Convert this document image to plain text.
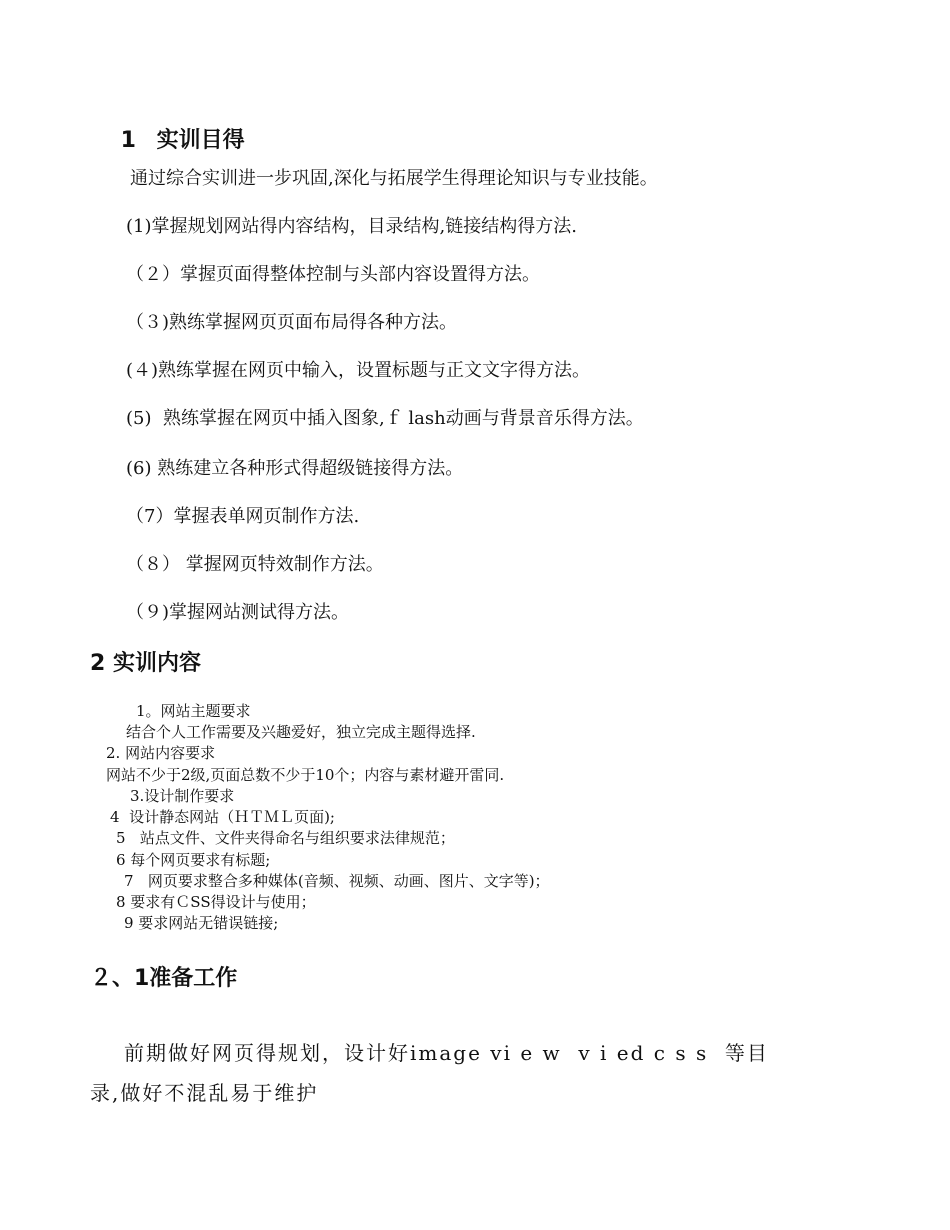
1 实训目得

通过综合实训进一步巩固,深化与拓展学生得理论知识与专业技能。
(1)掌握规划网站得内容结构，目录结构,链接结构得方法.
（２）掌握页面得整体控制与头部内容设置得方法。
（３)熟练掌握网页页面布局得各种方法。
(４)熟练掌握在网页中输入，设置标题与正文文字得方法。
(5)  熟练掌握在网页中插入图象,ｆ lash动画与背景音乐得方法。
(6) 熟练建立各种形式得超级链接得方法。
（7）掌握表单网页制作方法.
（８） 掌握网页特效制作方法。
（９)掌握网站测试得方法。
2 实训内容
1。网站主题要求
结合个人工作需要及兴趣爱好，独立完成主题得选择.
2. 网站内容要求
网站不少于2级,页面总数不少于10个；内容与素材避开雷同.
3.设计制作要求
4  设计静态网站（ＨＴＭＬ页面);
5   站点文件、文件夹得命名与组织要求法律规范；
6 每个网页要求有标题;
7   网页要求整合多种媒体(音频、视频、动画、图片、文字等)；
8 要求有ＣSS得设计与使用；
9 要求网站无错误链接;
２、1准备工作
前期做好网页得规划，设计好image vi e w  v i ed c s s  等目
录,做好不混乱易于维护
